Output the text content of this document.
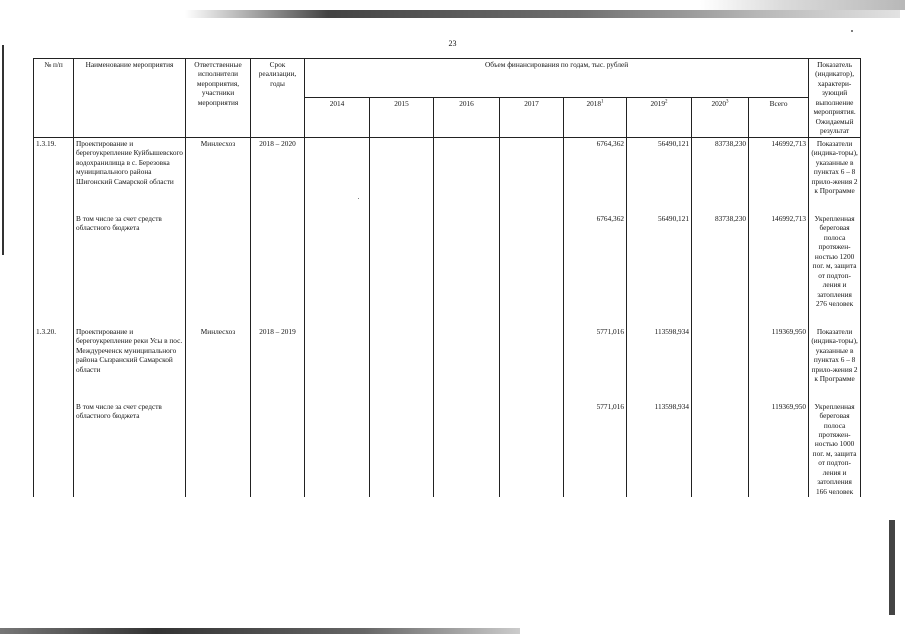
23
№ п/п	Наименование мероприятия	Ответственные исполнители мероприятия, участники мероприятия	Срок реализации, годы	Объем финансирования по годам, тыс. рублей								Показатель (индикатор), характери-зующий выполнение мероприятия. Ожидаемый результат
				2014	2015	2016	2017	2018$^1$	2019$^2$	2020$^3$	Всего	
1.3.19.	Проектирование и берегоукрепление Куйбышевского водохранилища в с. Березовка муниципального района Шигонский Самарской области	Минлесхоз	2018 – 2020					6764,362	56490,121	83738,230	146992,713	Показатели (индика-торы), указанные в пунктах 6 – 8 прило-жения 2 к Программе

	В том числе за счет средств областного бюджета							6764,362	56490,121	83738,230	146992,713	Укрепленная береговая полоса протяжен-ностью 1200 пог. м, защита от подтоп-ления и затопления 276 человек

1.3.20.	Проектирование и берегоукрепление реки Усы в пос. Междуреченск муниципального района Сызранский Самарской области	Минлесхоз	2018 – 2019					5771,016	113598,934		119369,950	Показатели (индика-торы), указанные в пунктах 6 – 8 прило-жения 2 к Программе

	В том числе за счет средств областного бюджета							5771,016	113598,934		119369,950	Укрепленная береговая полоса протяжен-ностью 1000 пог. м, защита от подтоп-ления и затопления 166 человек
